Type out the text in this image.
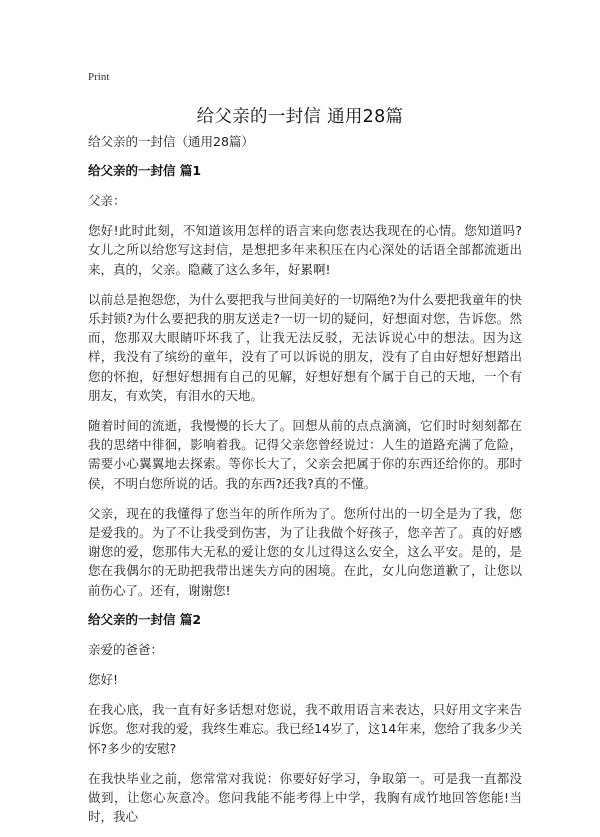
Print
给父亲的一封信 通用28篇

给父亲的一封信（通用28篇）

给父亲的一封信 篇1

父亲：

您好!此时此刻，不知道该用怎样的语言来向您表达我现在的心情。您知道吗?女儿之所以给您写这封信，是想把多年来积压在内心深处的话语全部都流逝出来，真的，父亲。隐藏了这么多年，好累啊!

以前总是抱怨您，为什么要把我与世间美好的一切隔绝?为什么要把我童年的快乐封锁?为什么要把我的朋友送走?一切一切的疑问，好想面对您，告诉您。然而，您那双大眼睛吓坏我了，让我无法反驳，无法诉说心中的想法。因为这样，我没有了缤纷的童年，没有了可以诉说的朋友，没有了自由好想好想踏出您的怀抱，好想好想拥有自己的见解，好想好想有个属于自己的天地，一个有朋友，有欢笑，有泪水的天地。

随着时间的流逝，我慢慢的长大了。回想从前的点点滴滴，它们时时刻刻都在我的思绪中徘徊，影响着我。记得父亲您曾经说过：人生的道路充满了危险，需要小心翼翼地去探索。等你长大了，父亲会把属于你的东西还给你的。那时侯，不明白您所说的话。我的东西?还我?真的不懂。

父亲，现在的我懂得了您当年的所作所为了。您所付出的一切全是为了我，您是爱我的。为了不让我受到伤害，为了让我做个好孩子，您辛苦了。真的好感谢您的爱，您那伟大无私的爱让您的女儿过得这么安全，这么平安。是的，是您在我偶尔的无助把我带出迷失方向的困境。在此，女儿向您道歉了，让您以前伤心了。还有，谢谢您!

给父亲的一封信 篇2

亲爱的爸爸：

您好!

在我心底，我一直有好多话想对您说，我不敢用语言来表达，只好用文字来告诉您。您对我的爱，我终生难忘。我已经14岁了，这14年来，您给了我多少关怀?多少的安慰?

在我快毕业之前，您常常对我说：你要好好学习，争取第一。可是我一直都没做到，让您心灰意冷。您问我能不能考得上中学，我胸有成竹地回答您能!当时，我心
